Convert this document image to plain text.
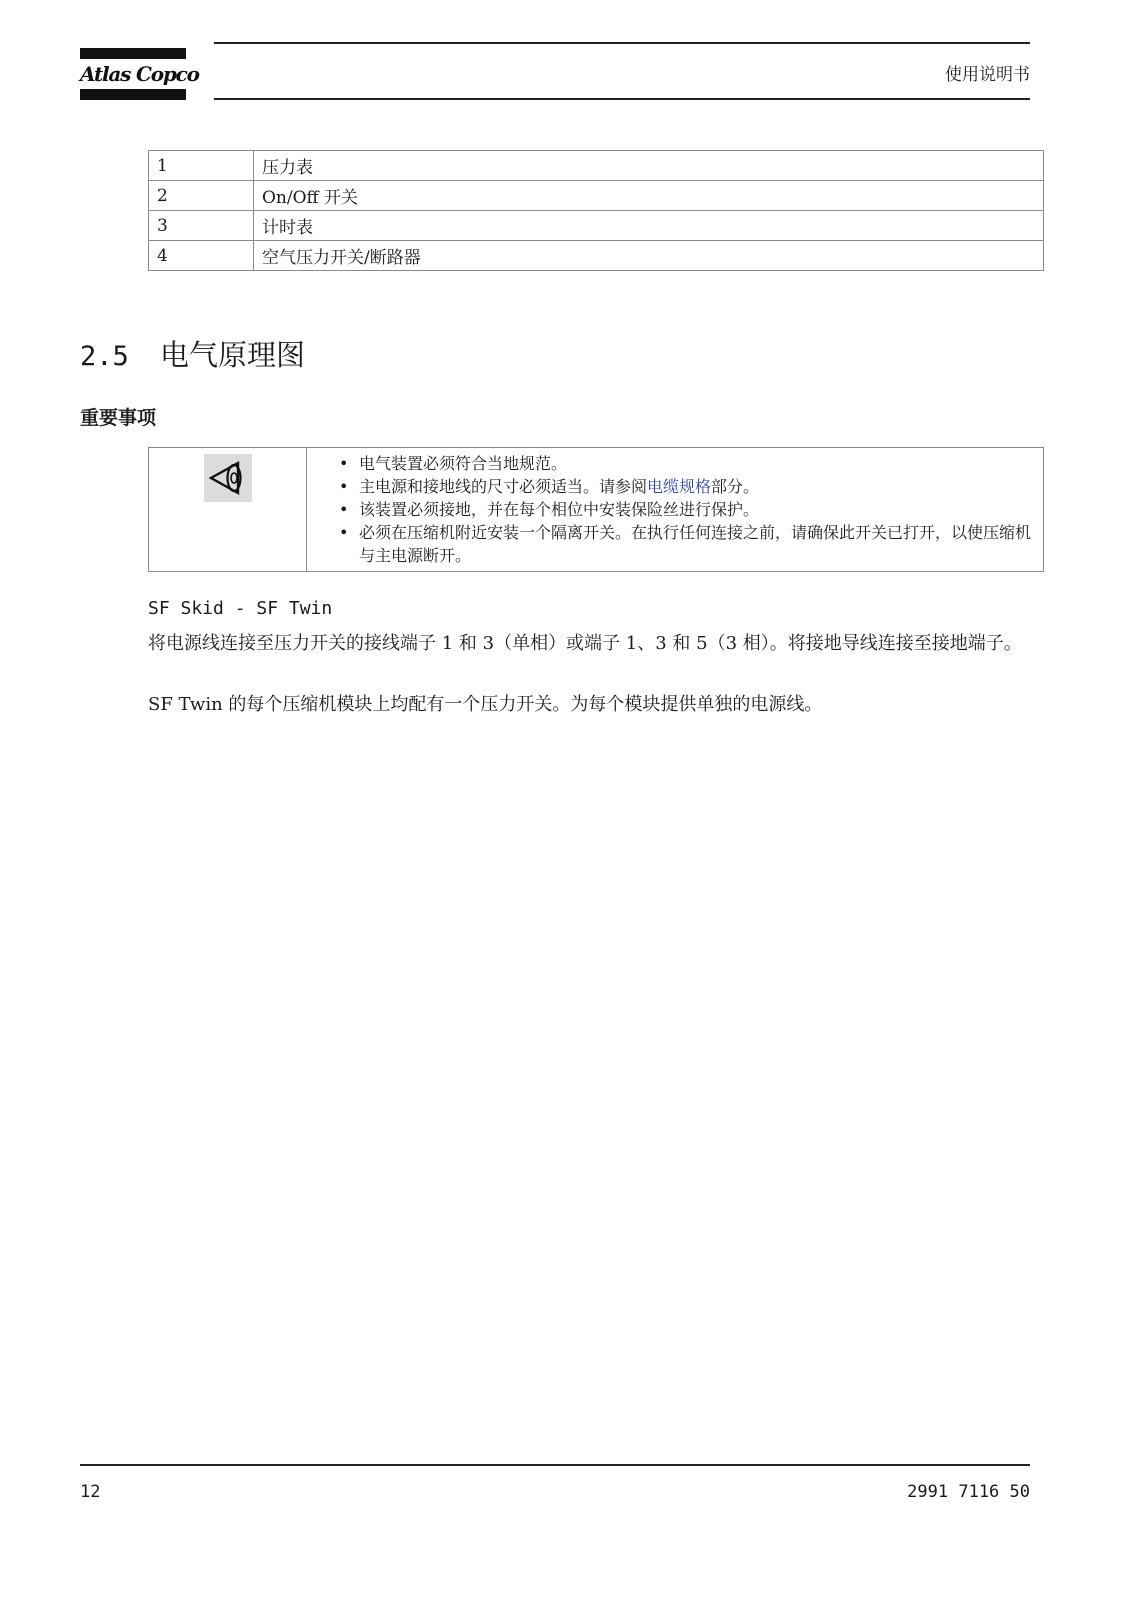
Atlas Copco	使用说明书
1	压力表
2	On/Off 开关
3	计时表
4	空气压力开关/断路器
2.5 电气原理图
重要事项

• 电气装置必须符合当地规范。
• 主电源和接地线的尺寸必须适当。请参阅电缆规格部分。
• 该装置必须接地，并在每个相位中安装保险丝进行保护。
• 必须在压缩机附近安装一个隔离开关。在执行任何连接之前，请确保此开关已打开，以使压缩机与主电源断开。
SF Skid - SF Twin
将电源线连接至压力开关的接线端子 1 和 3（单相）或端子 1、3 和 5（3 相）。将接地导线连接至接地端子。
SF Twin 的每个压缩机模块上均配有一个压力开关。为每个模块提供单独的电源线。
12	2991 7116 50
